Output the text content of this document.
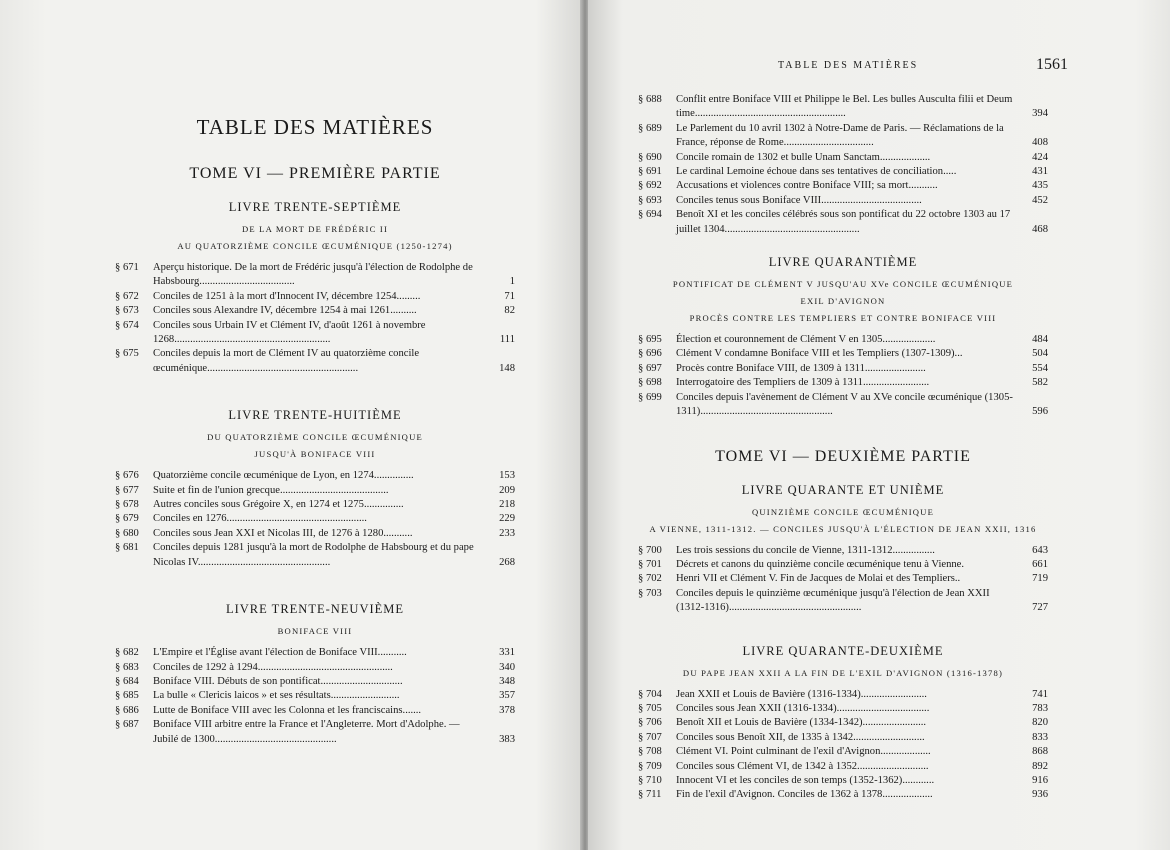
TABLE DES MATIÈRES
TOME VI — PREMIÈRE PARTIE
LIVRE TRENTE-SEPTIÈME
DE LA MORT DE FRÉDÉRIC II
AU QUATORZIÈME CONCILE ŒCUMÉNIQUE (1250-1274)
§ 671	Aperçu historique. De la mort de Frédéric jusqu'à l'élection de Rodolphe de Habsbourg....................................	1
§ 672	Conciles de 1251 à la mort d'Innocent IV, décembre 1254.........	71
§ 673	Conciles sous Alexandre IV, décembre 1254 à mai 1261..........	82
§ 674	Conciles sous Urbain IV et Clément IV, d'août 1261 à novembre 1268...........................................................	111
§ 675	Conciles depuis la mort de Clément IV au quatorzième concile œcuménique.........................................................	148
LIVRE TRENTE-HUITIÈME
DU QUATORZIÈME CONCILE ŒCUMÉNIQUE
JUSQU'À BONIFACE VIII
§ 676	Quatorzième concile œcuménique de Lyon, en 1274...............	153
§ 677	Suite et fin de l'union grecque.........................................	209
§ 678	Autres conciles sous Grégoire X, en 1274 et 1275...............	218
§ 679	Conciles en 1276.....................................................	229
§ 680	Conciles sous Jean XXI et Nicolas III, de 1276 à 1280...........	233
§ 681	Conciles depuis 1281 jusqu'à la mort de Rodolphe de Habsbourg et du pape Nicolas IV..................................................	268
LIVRE TRENTE-NEUVIÈME
BONIFACE VIII
§ 682	L'Empire et l'Église avant l'élection de Boniface VIII...........	331
§ 683	Conciles de 1292 à 1294...................................................	340
§ 684	Boniface VIII. Débuts de son pontificat...............................	348
§ 685	La bulle « Clericis laicos » et ses résultats..........................	357
§ 686	Lutte de Boniface VIII avec les Colonna et les franciscains.......	378
§ 687	Boniface VIII arbitre entre la France et l'Angleterre. Mort d'Adolphe. — Jubilé de 1300..............................................	383
TABLE DES MATIÈRES	1561
§ 688	Conflit entre Boniface VIII et Philippe le Bel. Les bulles Ausculta filii et Deum time.........................................................	394
§ 689	Le Parlement du 10 avril 1302 à Notre-Dame de Paris. — Réclamations de la France, réponse de Rome..................................	408
§ 690	Concile romain de 1302 et bulle Unam Sanctam...................	424
§ 691	Le cardinal Lemoine échoue dans ses tentatives de conciliation.....	431
§ 692	Accusations et violences contre Boniface VIII; sa mort...........	435
§ 693	Conciles tenus sous Boniface VIII......................................	452
§ 694	Benoît XI et les conciles célébrés sous son pontificat du 22 octobre 1303 au 17 juillet 1304...................................................	468
LIVRE QUARANTIÈME
PONTIFICAT DE CLÉMENT V JUSQU'AU XVe CONCILE ŒCUMÉNIQUE
EXIL D'AVIGNON
PROCÈS CONTRE LES TEMPLIERS ET CONTRE BONIFACE VIII
§ 695	Élection et couronnement de Clément V en 1305....................	484
§ 696	Clément V condamne Boniface VIII et les Templiers (1307-1309)...	504
§ 697	Procès contre Boniface VIII, de 1309 à 1311.......................	554
§ 698	Interrogatoire des Templiers de 1309 à 1311.........................	582
§ 699	Conciles depuis l'avènement de Clément V au XVe concile œcuménique (1305-1311)..................................................	596
TOME VI — DEUXIÈME PARTIE
LIVRE QUARANTE ET UNIÈME
QUINZIÈME CONCILE ŒCUMÉNIQUE
A VIENNE, 1311-1312. — CONCILES JUSQU'À L'ÉLECTION DE JEAN XXII, 1316
§ 700	Les trois sessions du concile de Vienne, 1311-1312................	643
§ 701	Décrets et canons du quinzième concile œcuménique tenu à Vienne.	661
§ 702	Henri VII et Clément V. Fin de Jacques de Molai et des Templiers..	719
§ 703	Conciles depuis le quinzième œcuménique jusqu'à l'élection de Jean XXII (1312-1316)..................................................	727
LIVRE QUARANTE-DEUXIÈME
DU PAPE JEAN XXII A LA FIN DE L'EXIL D'AVIGNON (1316-1378)
§ 704	Jean XXII et Louis de Bavière (1316-1334).........................	741
§ 705	Conciles sous Jean XXII (1316-1334)...................................	783
§ 706	Benoît XII et Louis de Bavière (1334-1342)........................	820
§ 707	Conciles sous Benoît XII, de 1335 à 1342...........................	833
§ 708	Clément VI. Point culminant de l'exil d'Avignon...................	868
§ 709	Conciles sous Clément VI, de 1342 à 1352...........................	892
§ 710	Innocent VI et les conciles de son temps (1352-1362)............	916
§ 711	Fin de l'exil d'Avignon. Conciles de 1362 à 1378...................	936
